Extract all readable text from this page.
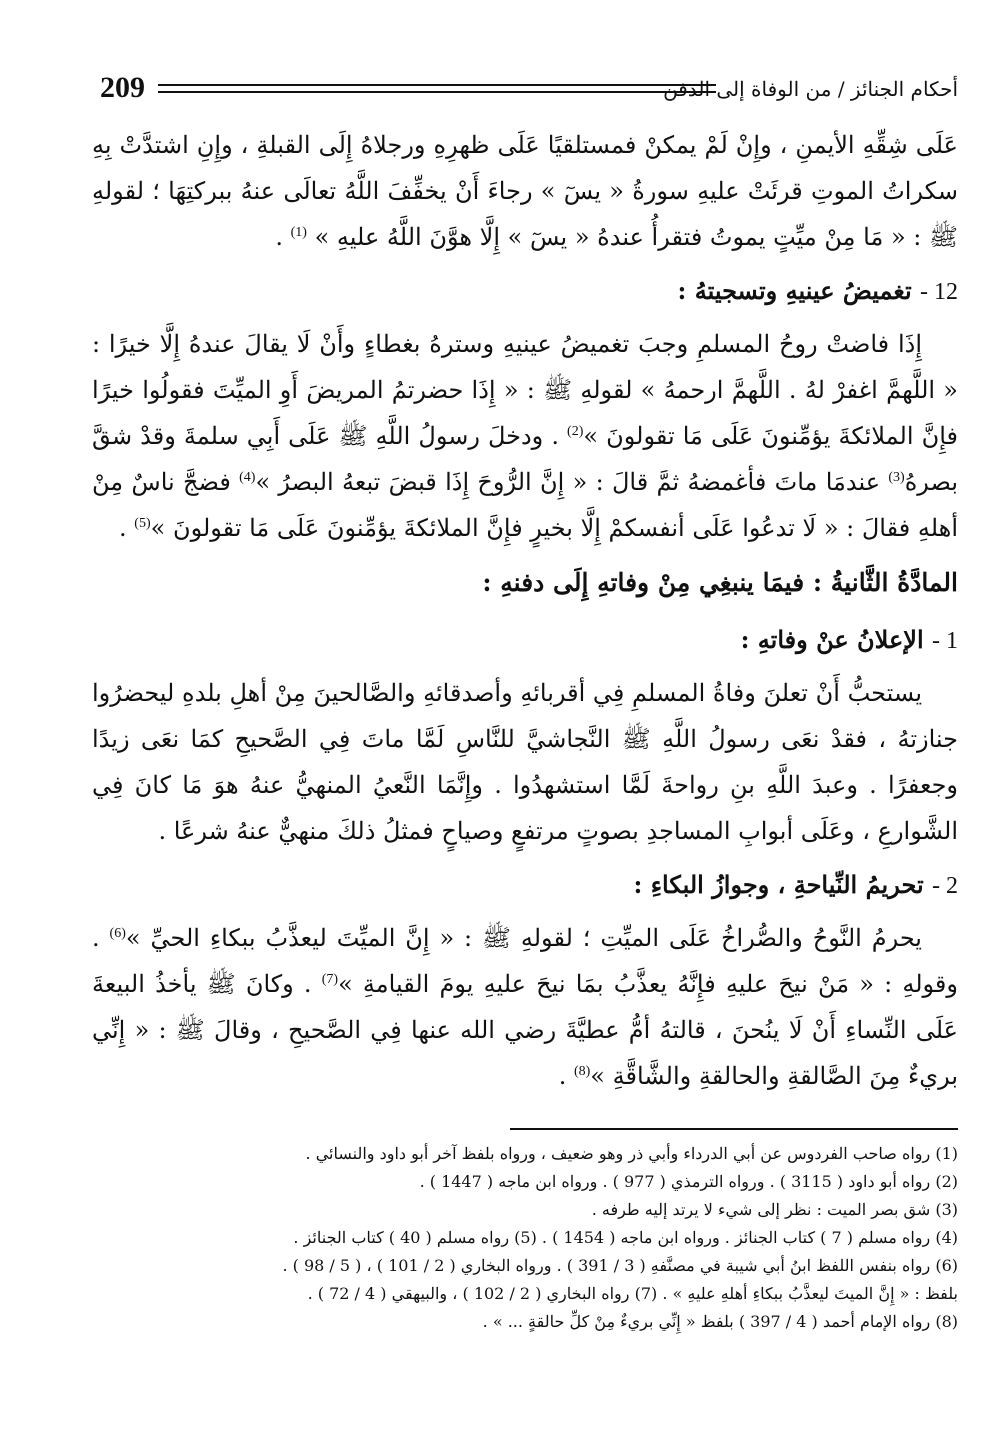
209	أحكام الجنائز / من الوفاة إلى الدفن

عَلَى شِقِّهِ الأيمنِ ، وإِنْ لَمْ يمكنْ فمستلقيًا عَلَى ظهرِهِ ورجلاهُ إِلَى القبلةِ ، وإِنِ اشتدَّتْ بِهِ سكراتُ الموتِ قرئَتْ عليهِ سورةُ « يسٓ » رجاءَ أَنْ يخفِّفَ اللَّهُ تعالَى عنهُ ببركتِهَا ؛ لقولهِ ﷺ : « مَا مِنْ ميِّتٍ يموتُ فتقرأُ عندهُ « يسٓ » إِلَّا هوَّنَ اللَّهُ عليهِ » $^{(1)}$ .

12 - تغميضُ عينيهِ وتسجيتهُ :

إِذَا فاضتْ روحُ المسلمِ وجبَ تغميضُ عينيهِ وسترهُ بغطاءٍ وأَنْ لَا يقالَ عندهُ إِلَّا خيرًا : « اللَّهمَّ اغفرْ لهُ . اللَّهمَّ ارحمهُ » لقولهِ ﷺ : « إِذَا حضرتمُ المريضَ أَوِ الميِّتَ فقولُوا خيرًا فإِنَّ الملائكةَ يؤمِّنونَ عَلَى مَا تقولونَ »$^{(2)}$ . ودخلَ رسولُ اللَّهِ ﷺ عَلَى أَبِي سلمةَ وقدْ شقَّ بصرهُ$^{(3)}$ عندمَا ماتَ فأغمضهُ ثمَّ قالَ : « إِنَّ الرُّوحَ إِذَا قبضَ تبعهُ البصرُ »$^{(4)}$ فضجَّ ناسٌ مِنْ أهلهِ فقالَ : « لَا تدعُوا عَلَى أنفسكمْ إِلَّا بخيرٍ فإِنَّ الملائكةَ يؤمِّنونَ عَلَى مَا تقولونَ »$^{(5)}$ .

المادَّةُ الثَّانيةُ : فيمَا ينبغِي مِنْ وفاتهِ إِلَى دفنهِ :
1 - الإعلانُ عنْ وفاتهِ :

يستحبُّ أَنْ تعلنَ وفاةُ المسلمِ فِي أقربائهِ وأصدقائهِ والصَّالحينَ مِنْ أهلِ بلدهِ ليحضرُوا جنازتهُ ، فقدْ نعَى رسولُ اللَّهِ ﷺ النَّجاشيَّ للنَّاسِ لَمَّا ماتَ فِي الصَّحيحِ كمَا نعَى زيدًا وجعفرًا . وعبدَ اللَّهِ بنِ رواحةَ لَمَّا استشهدُوا . وإِنَّمَا النَّعيُ المنهيُّ عنهُ هوَ مَا كانَ فِي الشَّوارعِ ، وعَلَى أبوابِ المساجدِ بصوتٍ مرتفعٍ وصياحٍ فمثلُ ذلكَ منهيٌّ عنهُ شرعًا .

2 - تحريمُ النِّياحةِ ، وجوازُ البكاءِ :

يحرمُ النَّوحُ والصُّراخُ عَلَى الميِّتِ ؛ لقولهِ ﷺ : « إِنَّ الميِّتَ ليعذَّبُ ببكاءِ الحيِّ »$^{(6)}$ . وقولهِ : « مَنْ نيحَ عليهِ فإِنَّهُ يعذَّبُ بمَا نيحَ عليهِ يومَ القيامةِ »$^{(7)}$ . وكانَ ﷺ يأخذُ البيعةَ عَلَى النِّساءِ أَنْ لَا ينُحنَ ، قالتهُ أمُّ عطيَّةَ رضي الله عنها فِي الصَّحيحِ ، وقالَ ﷺ : « إِنِّي بريءٌ مِنَ الصَّالقةِ والحالقةِ والشَّاقَّةِ »$^{(8)}$ .

(1) رواه صاحب الفردوس عن أبي الدرداء وأبي ذر وهو ضعيف ، ورواه بلفظ آخر أبو داود والنسائي .

(2) رواه أبو داود ( 3115 ) . ورواه الترمذي ( 977 ) . ورواه ابن ماجه ( 1447 ) .

(3) شق بصر الميت : نظر إلى شيء لا يرتد إليه طرفه .

(4) رواه مسلم ( 7 ) كتاب الجنائز . ورواه ابن ماجه ( 1454 ) . (5) رواه مسلم ( 40 ) كتاب الجنائز .

(6) رواه بنفس اللفظ ابنُ أبي شيبة في مصنَّفهِ ( 3 / 391 ) . ورواه البخاري ( 2 / 101 ) ، ( 5 / 98 ) .

بلفظ : « إِنَّ الميتَ ليعذَّبُ ببكاءِ أهلهِ عليهِ » . (7) رواه البخاري ( 2 / 102 ) ، والبيهقي ( 4 / 72 ) .

(8) رواه الإمام أحمد ( 4 / 397 ) بلفظ « إِنِّي بريءٌ مِنْ كلِّ حالقةٍ ... » .
